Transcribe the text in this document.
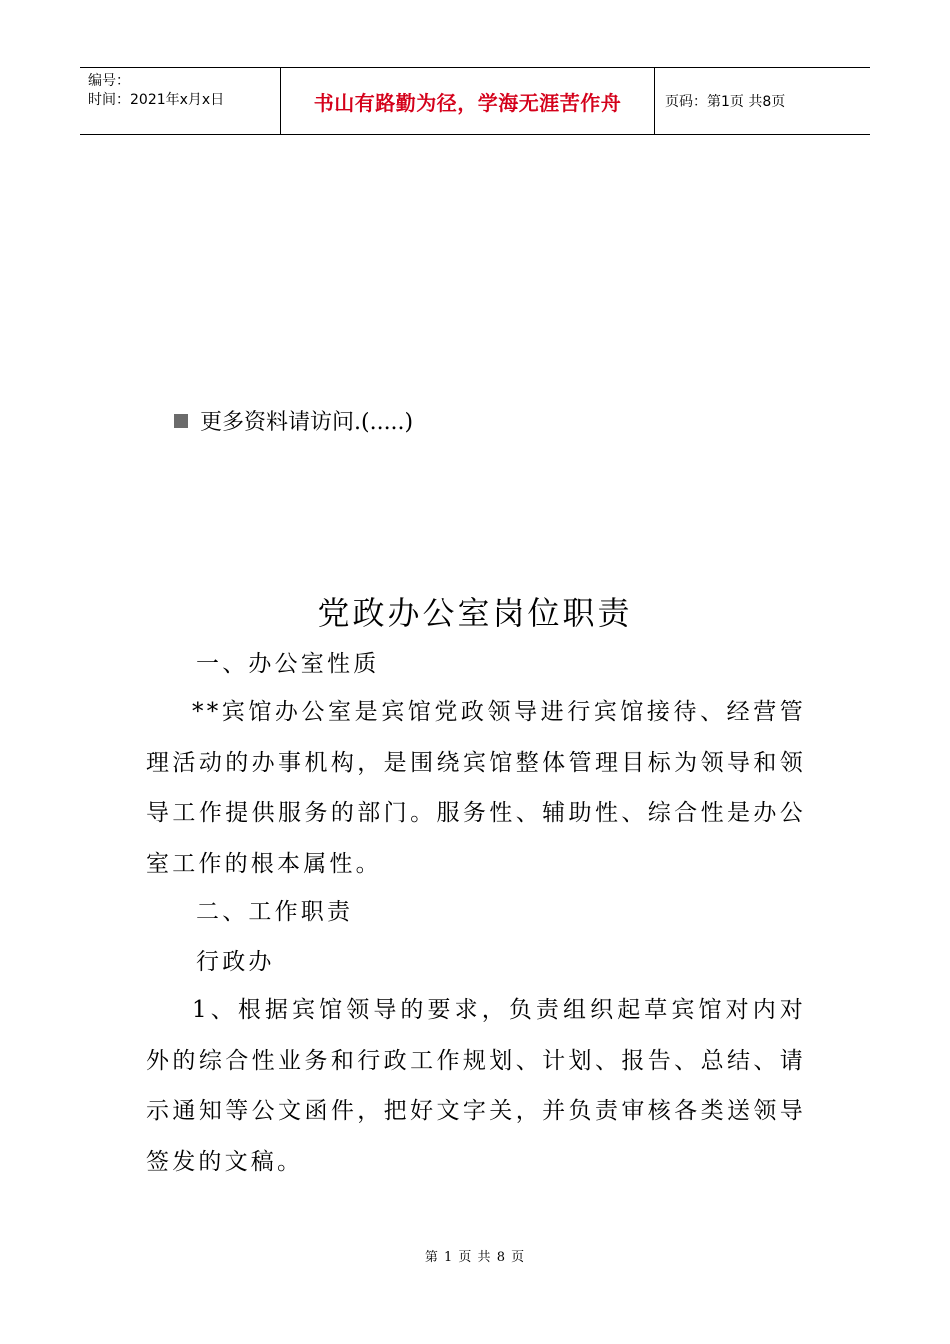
编号：
时间：2021年x月x日	书山有路勤为径，学海无涯苦作舟	页码：第1页 共8页
更多资料请访问.(.....)
党政办公室岗位职责

一、办公室性质

**宾馆办公室是宾馆党政领导进行宾馆接待、经营管理活动的办事机构，是围绕宾馆整体管理目标为领导和领导工作提供服务的部门。服务性、辅助性、综合性是办公室工作的根本属性。

二、工作职责

行政办

1、根据宾馆领导的要求，负责组织起草宾馆对内对外的综合性业务和行政工作规划、计划、报告、总结、请示通知等公文函件，把好文字关，并负责审核各类送领导签发的文稿。

第 1 页 共 8 页
